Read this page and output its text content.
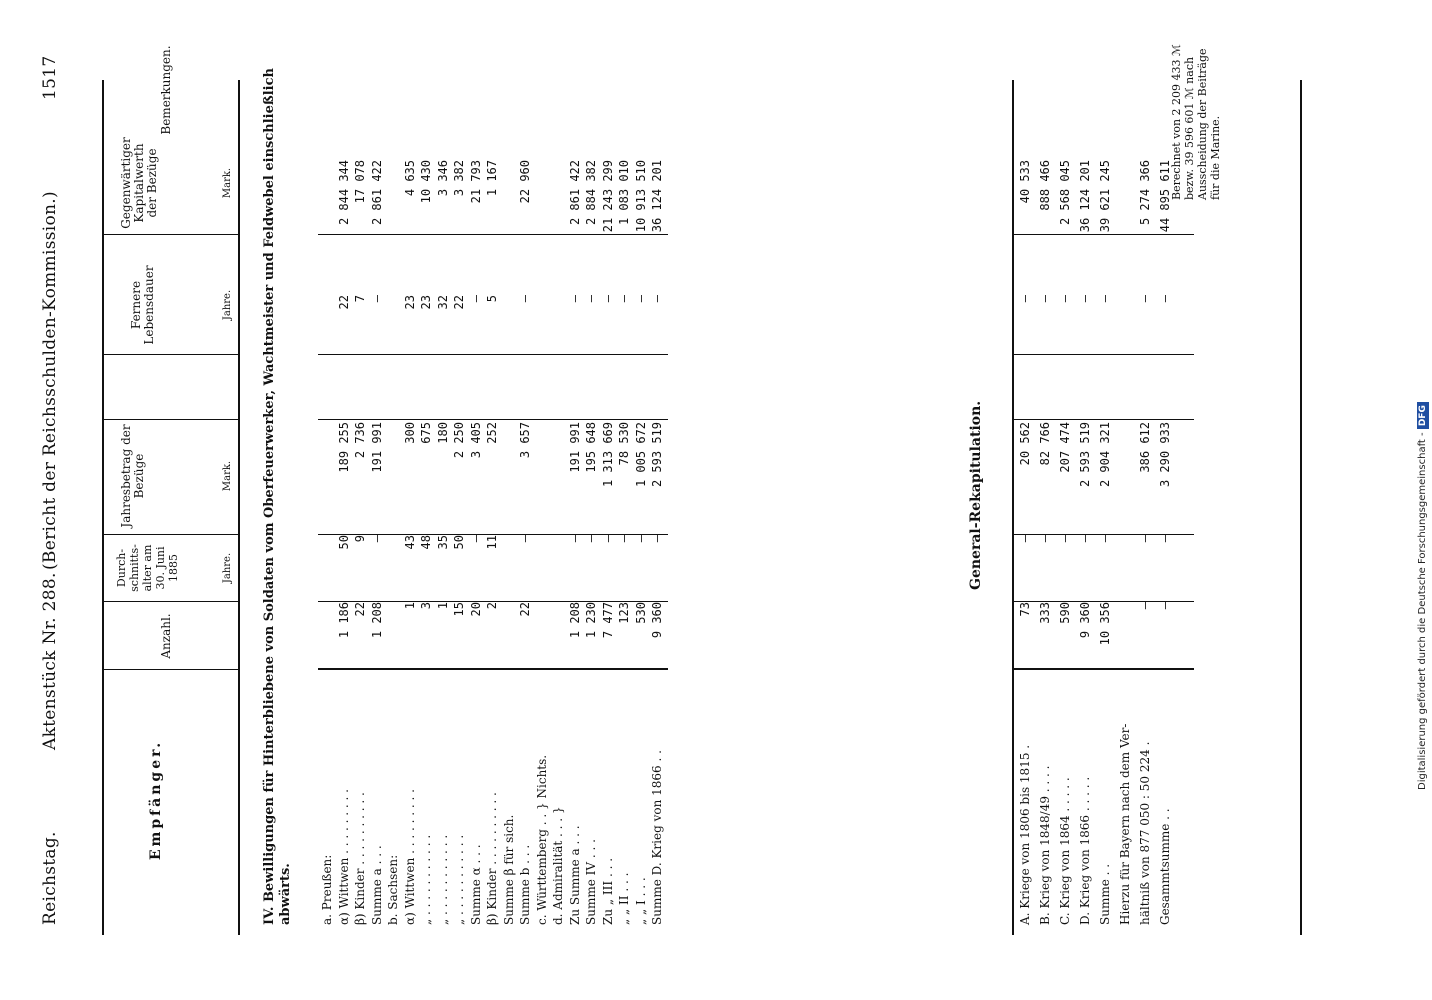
Reichstag.
Aktenstück Nr. 288.
(Bericht der Reichsschulden-Kommission.)
1517
Empfänger.
Anzahl.
Durchschnittsalter am 30. Juni 1885
Jahresbetrag der Bezüge
Fernere Lebensdauer
Gegenwärtiger Kapitalwerth der Bezüge
Bemerkungen.
Jahre.
Mark.
Jahre.
Mark. IV. Bewilligungen für Hinterbliebene von Soldaten vom Oberfeuerwerker, Wachtmeister und Feldwebel einschließlich abwärts. a. Preußen: α) Wittwen . . . . . . . . .
1 186
50
189 255
22
2 844 344
β) Kinder . . . . . . . . . .
22
9
2 736
7
17 078
Summe a . . .
1 208
—
191 991
—
2 861 422
b. Sachsen: α) Wittwen . . . . . . . . .
1
43
300
23
4 635
„ . . . . . . . . . . .
3
48
675
23
10 430
„ . . . . . . . . . . .
1
35
180
32
3 346
„ . . . . . . . . . . .
15
50
2 250
22
3 382
Summe α . . .
20
—
3 405
—
21 793
β) Kinder . . . . . . . . . .
2
11
252
5
1 167
Summe β für sich. Summe b . . .
22
—
3 657
—
22 960
c. Württemberg . . } Nichts. d. Admiralität . . . } Zu Summe a . . .
1 208
—
191 991
—
2 861 422
Summe IV . . .
1 230
—
195 648
—
2 884 382
Zu „ III . . .
7 477
—
1 313 669
—
21 243 299
„ „ II . . .
123
—
78 530
—
1 083 010
„ „ I . . .
530
—
1 005 672
—
10 913 510
Summe D. Krieg von 1866 . .
9 360
—
2 593 519
—
36 124 201
General-Rekapitulation.
A. Kriege von 1806 bis 1815 .
73
—
20 562
—
40 533
B. Krieg von 1848/49 . . . .
333
—
82 766
—
888 466
C. Krieg von 1864 . . . . .
590
—
207 474
—
2 568 045
D. Krieg von 1866 . . . . .
9 360
—
2 593 519
—
36 124 201
Summe . .
10 356
—
2 904 321
—
39 621 245
Hierzu für Bayern nach dem Ver- hältniß von 877 050 : 50 224 .
—
—
386 612
—
5 274 366
Gesammtsumme . .
—
—
3 290 933
—
44 895 611
Berechnet von 2 209 433 ℳ bezw. 39 596 601 ℳ nach Ausscheidung der Beiträge für die Marine.
Digitalisierung gefördert durch die Deutsche Forschungsgemeinschaft - DFG
